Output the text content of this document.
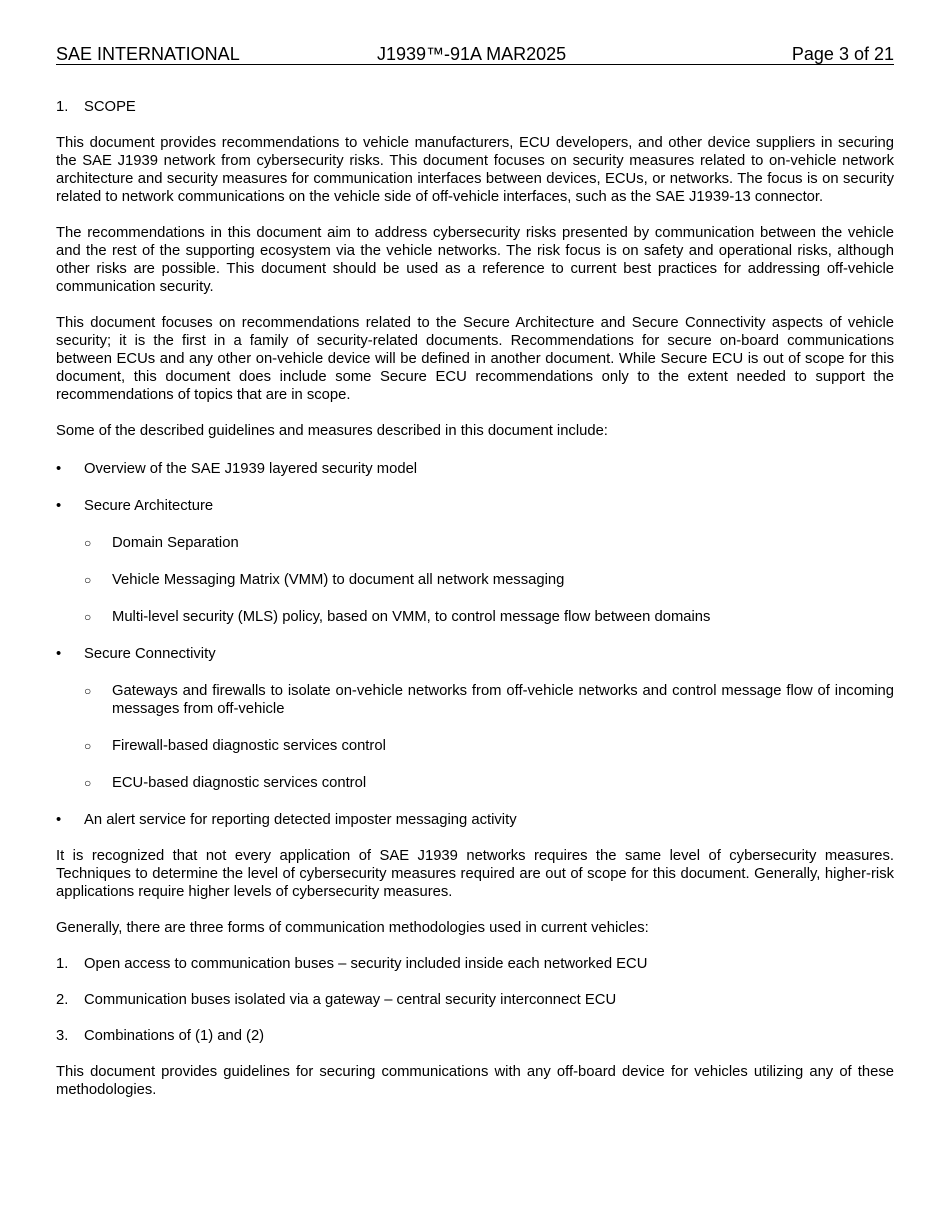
SAE INTERNATIONAL	J1939™-91A MAR2025	Page 3 of 21
1.	SCOPE

This document provides recommendations to vehicle manufacturers, ECU developers, and other device suppliers in securing the SAE J1939 network from cybersecurity risks. This document focuses on security measures related to on-vehicle network architecture and security measures for communication interfaces between devices, ECUs, or networks. The focus is on security related to network communications on the vehicle side of off-vehicle interfaces, such as the SAE J1939-13 connector.

The recommendations in this document aim to address cybersecurity risks presented by communication between the vehicle and the rest of the supporting ecosystem via the vehicle networks. The risk focus is on safety and operational risks, although other risks are possible. This document should be used as a reference to current best practices for addressing off-vehicle communication security.

This document focuses on recommendations related to the Secure Architecture and Secure Connectivity aspects of vehicle security; it is the first in a family of security-related documents. Recommendations for secure on-board communications between ECUs and any other on-vehicle device will be defined in another document. While Secure ECU is out of scope for this document, this document does include some Secure ECU recommendations only to the extent needed to support the recommendations of topics that are in scope.

Some of the described guidelines and measures described in this document include:

•	Overview of the SAE J1939 layered security model
•	Secure Architecture
○ Domain Separation
○ Vehicle Messaging Matrix (VMM) to document all network messaging
○ Multi-level security (MLS) policy, based on VMM, to control message flow between domains
•	Secure Connectivity
○ Gateways and firewalls to isolate on-vehicle networks from off-vehicle networks and control message flow of incoming messages from off-vehicle
○ Firewall-based diagnostic services control
○ ECU-based diagnostic services control
•	An alert service for reporting detected imposter messaging activity

It is recognized that not every application of SAE J1939 networks requires the same level of cybersecurity measures. Techniques to determine the level of cybersecurity measures required are out of scope for this document. Generally, higher-risk applications require higher levels of cybersecurity measures.

Generally, there are three forms of communication methodologies used in current vehicles:

1. Open access to communication buses – security included inside each networked ECU
2. Communication buses isolated via a gateway – central security interconnect ECU
3. Combinations of (1) and (2)

This document provides guidelines for securing communications with any off-board device for vehicles utilizing any of these methodologies.
